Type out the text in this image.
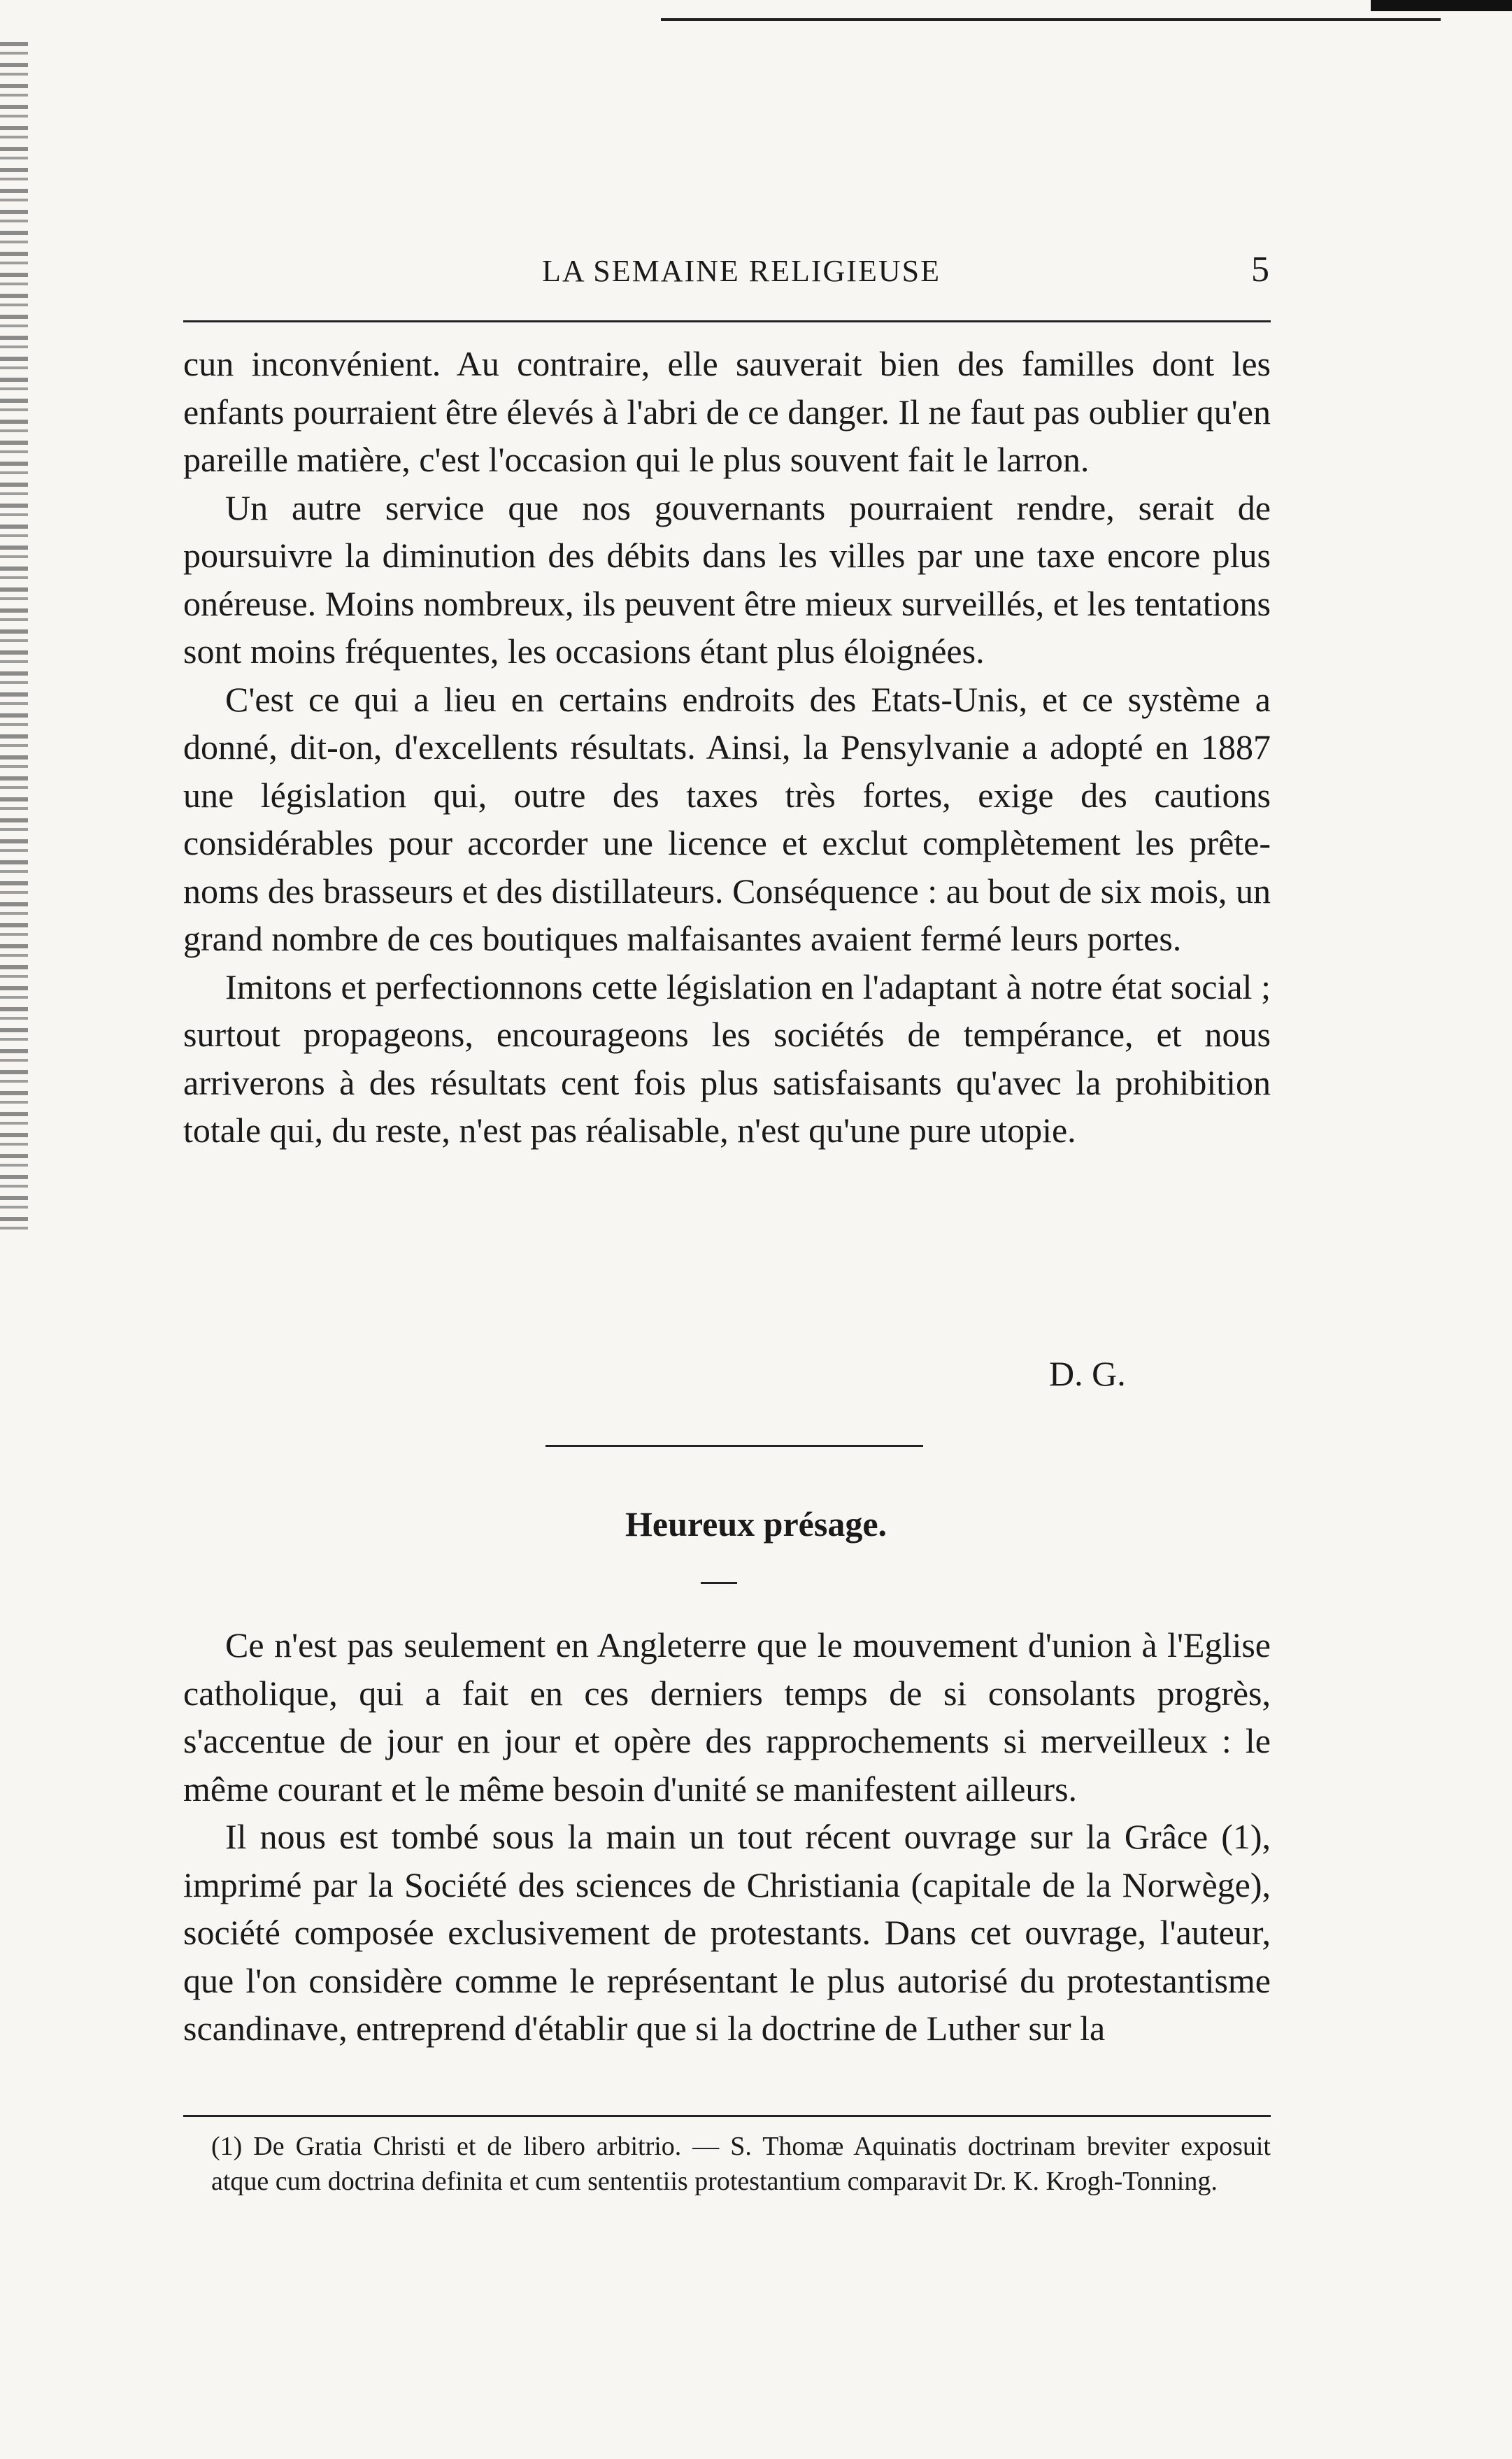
LA SEMAINE RELIGIEUSE	5

cun inconvénient. Au contraire, elle sauverait bien des familles dont les enfants pourraient être élevés à l'abri de ce danger. Il ne faut pas oublier qu'en pareille matière, c'est l'occasion qui le plus souvent fait le larron.

Un autre service que nos gouvernants pourraient rendre, serait de poursuivre la diminution des débits dans les villes par une taxe encore plus onéreuse. Moins nombreux, ils peuvent être mieux surveillés, et les tentations sont moins fréquentes, les occasions étant plus éloignées.

C'est ce qui a lieu en certains endroits des Etats-Unis, et ce système a donné, dit-on, d'excellents résultats. Ainsi, la Pensylvanie a adopté en 1887 une législation qui, outre des taxes très fortes, exige des cautions considérables pour accorder une licence et exclut complètement les prête-noms des brasseurs et des distillateurs. Conséquence : au bout de six mois, un grand nombre de ces boutiques malfaisantes avaient fermé leurs portes.

Imitons et perfectionnons cette législation en l'adaptant à notre état social ; surtout propageons, encourageons les sociétés de tempérance, et nous arriverons à des résultats cent fois plus satisfaisants qu'avec la prohibition totale qui, du reste, n'est pas réalisable, n'est qu'une pure utopie.

D. G.
Heureux présage.

Ce n'est pas seulement en Angleterre que le mouvement d'union à l'Eglise catholique, qui a fait en ces derniers temps de si consolants progrès, s'accentue de jour en jour et opère des rapprochements si merveilleux : le même courant et le même besoin d'unité se manifestent ailleurs.

Il nous est tombé sous la main un tout récent ouvrage sur la Grâce (1), imprimé par la Société des sciences de Christiania (capitale de la Norwège), société composée exclusivement de protestants. Dans cet ouvrage, l'auteur, que l'on considère comme le représentant le plus autorisé du protestantisme scandinave, entreprend d'établir que si la doctrine de Luther sur la

(1) De Gratia Christi et de libero arbitrio. — S. Thomæ Aquinatis doctrinam breviter exposuit atque cum doctrina definita et cum sententiis protestantium comparavit Dr. K. Krogh-Tonning.
